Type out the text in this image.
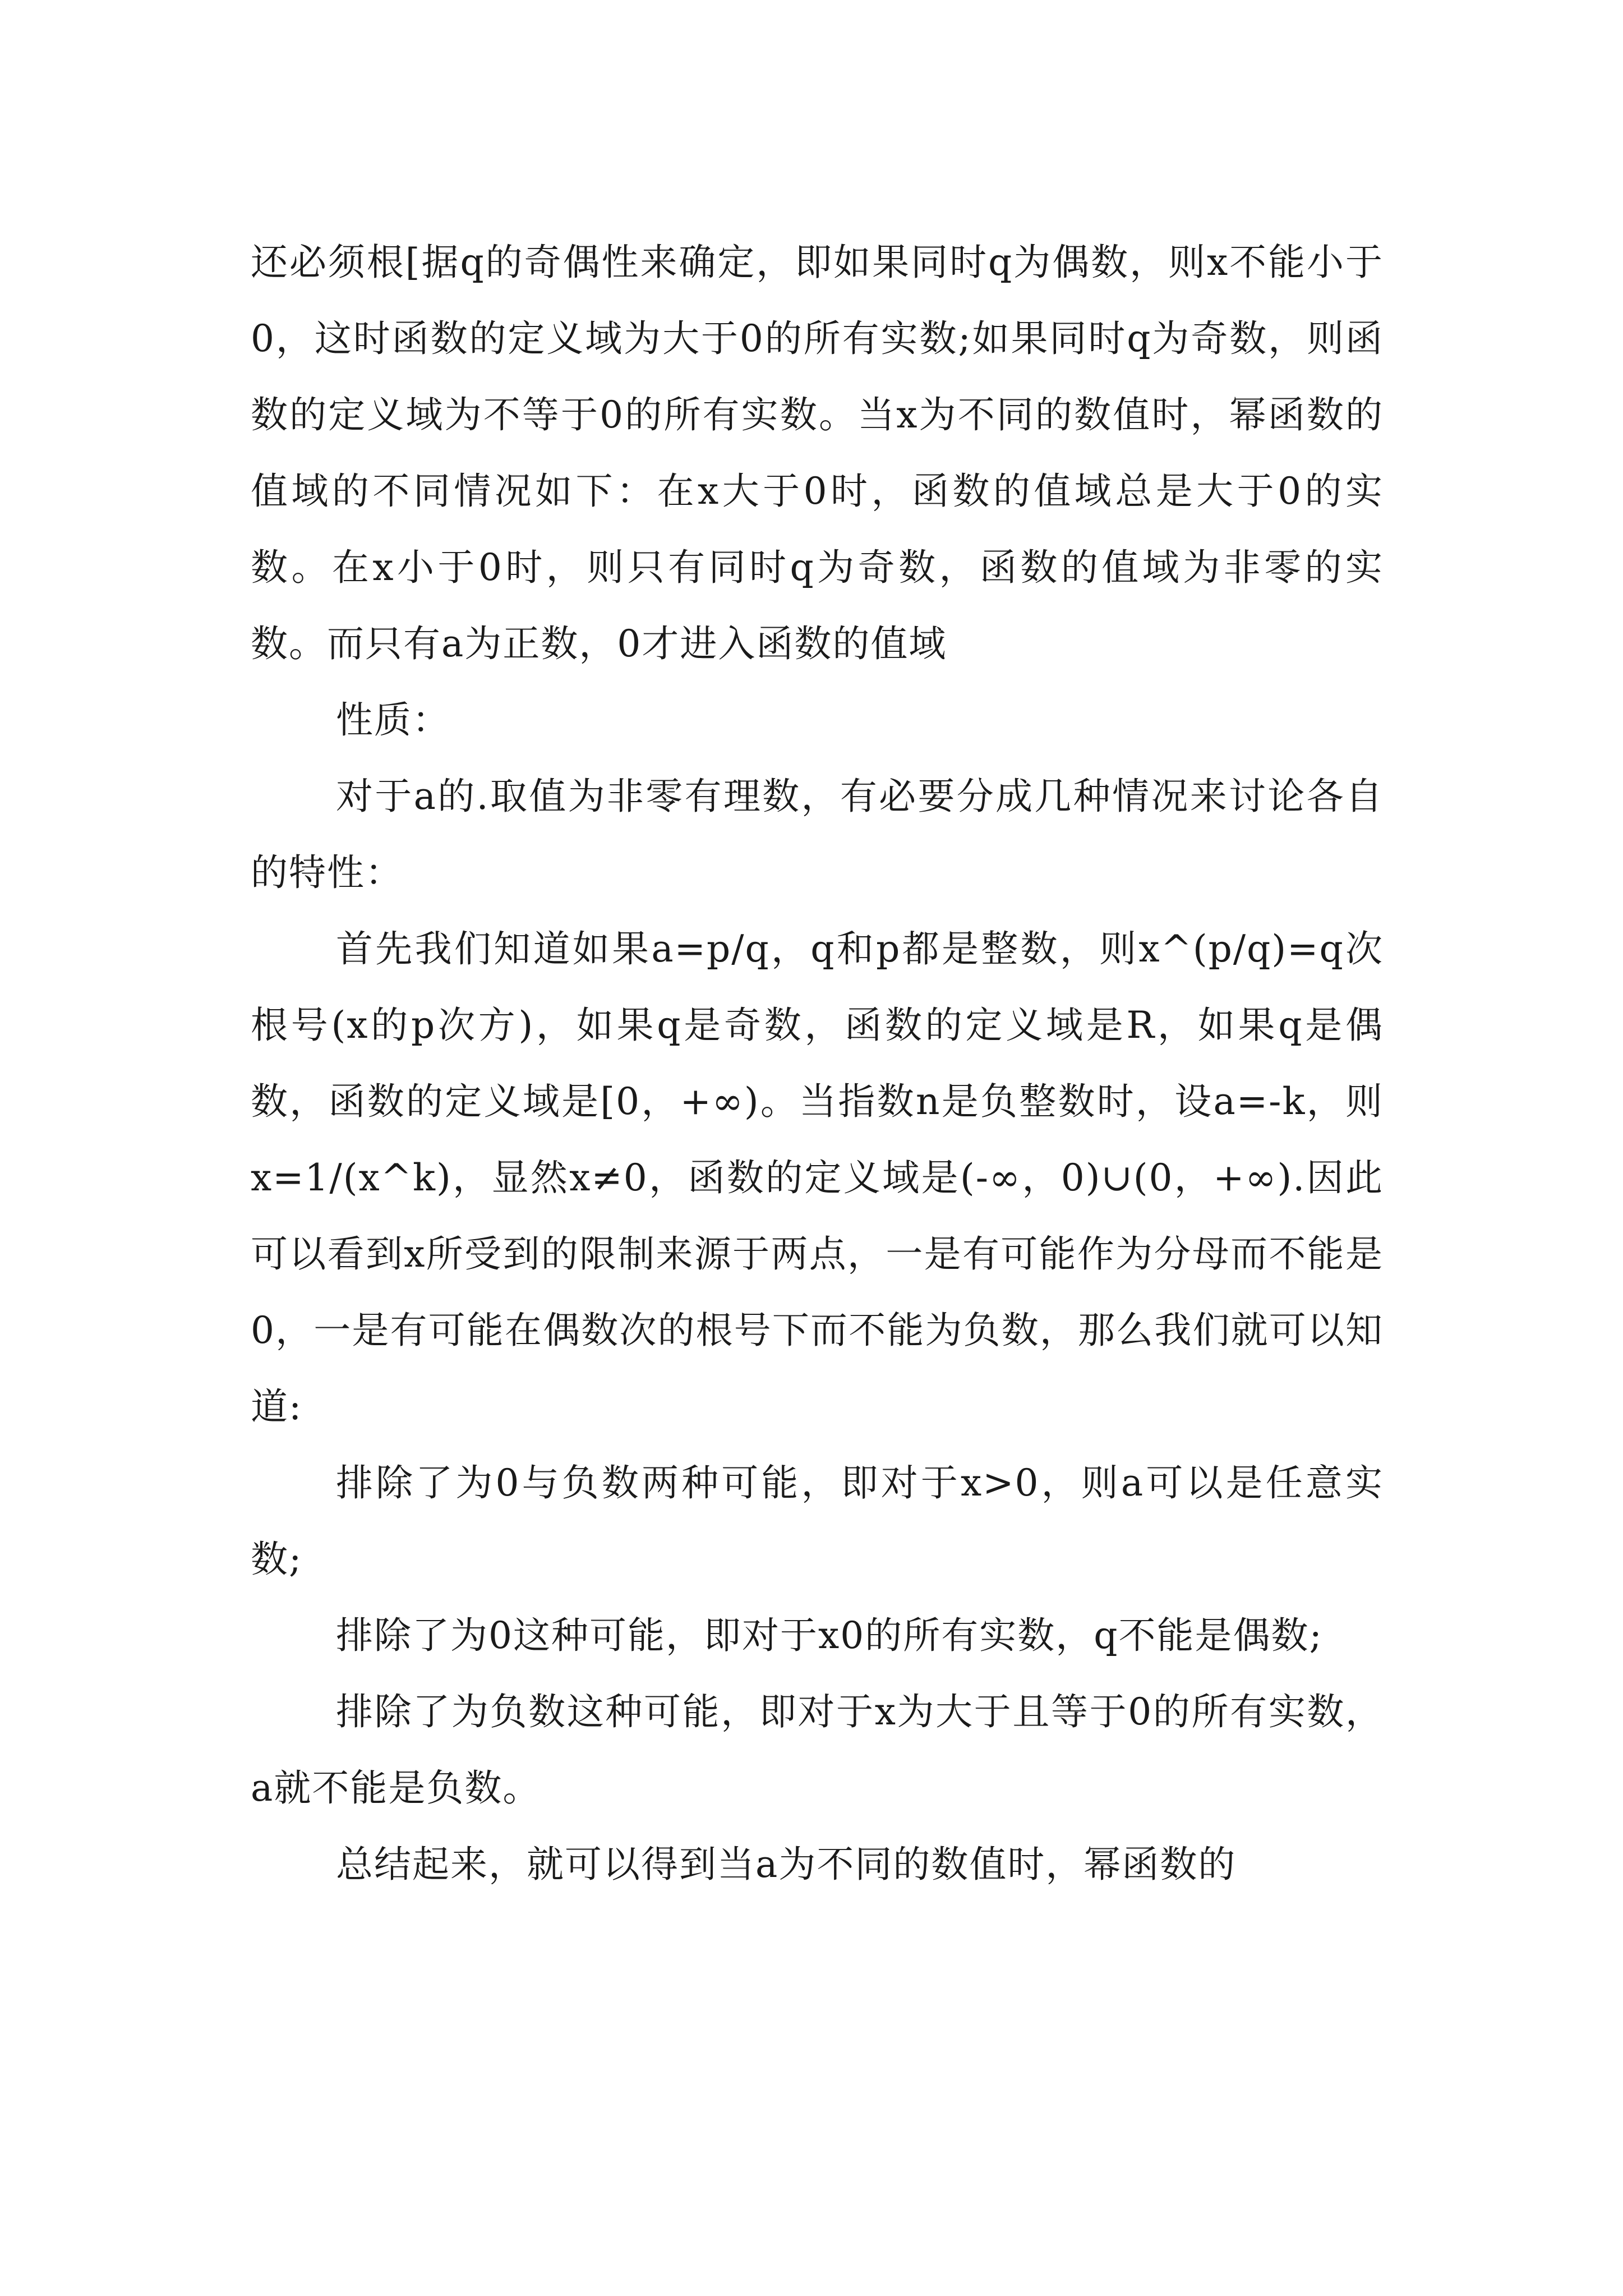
还必须根[据q的奇偶性来确定，即如果同时q为偶数，则x不能小于0，这时函数的定义域为大于0的所有实数;如果同时q为奇数，则函数的定义域为不等于0的所有实数。当x为不同的数值时，幂函数的值域的不同情况如下：在x大于0时，函数的值域总是大于0的实数。在x小于0时，则只有同时q为奇数，函数的值域为非零的实数。而只有a为正数，0才进入函数的值域

性质：

对于a的.取值为非零有理数，有必要分成几种情况来讨论各自的特性：

首先我们知道如果a=p/q，q和p都是整数，则x^(p/q)=q次根号(x的p次方)，如果q是奇数，函数的定义域是R，如果q是偶数，函数的定义域是[0，+∞)。当指数n是负整数时，设a=-k，则x=1/(x^k)，显然x≠0，函数的定义域是(-∞，0)∪(0，+∞).因此可以看到x所受到的限制来源于两点，一是有可能作为分母而不能是0，一是有可能在偶数次的根号下而不能为负数，那么我们就可以知道:

排除了为0与负数两种可能，即对于x>0，则a可以是任意实数;

排除了为0这种可能，即对于x0的所有实数，q不能是偶数;

排除了为负数这种可能，即对于x为大于且等于0的所有实数，a就不能是负数。

总结起来，就可以得到当a为不同的数值时，幂函数的
